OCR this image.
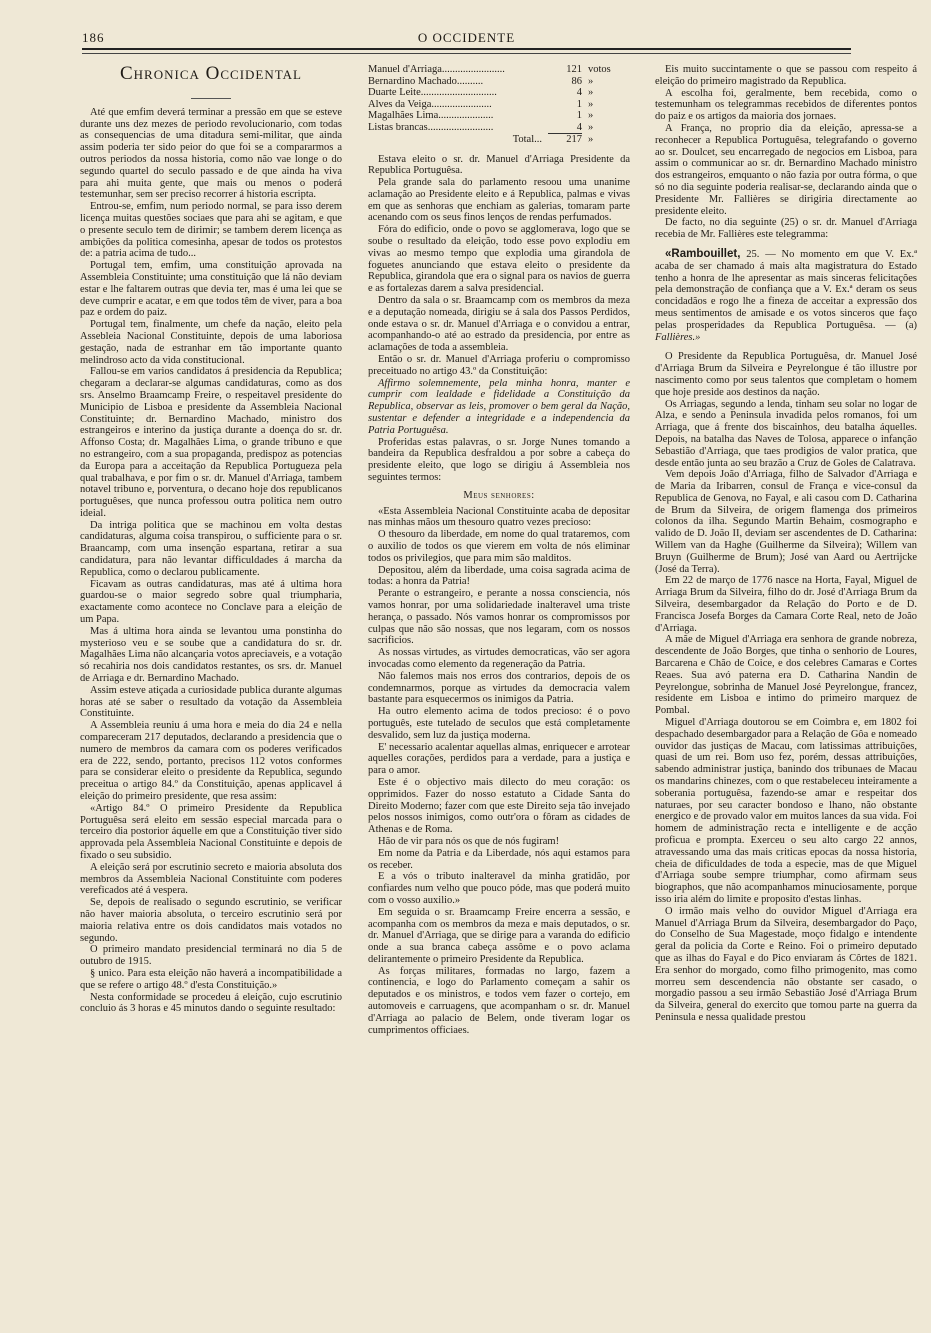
186	O OCCIDENTE
Chronica Occidental

Até que emfim deverá terminar a pressão em que se esteve durante uns dez mezes de periodo revolucionario, com todas as consequencias de uma ditadura semi-militar, que ainda assim poderia ter sido peior do que foi se a compararmos a outros periodos da nossa historia, como não vae longe o do segundo quartel do seculo passado e de que ainda ha viva para ahi muita gente, que mais ou menos o poderá testemunhar, sem ser preciso recorrer á historia escripta.

Entrou-se, emfim, num periodo normal, se para isso derem licença muitas questões sociaes que para ahi se agitam, e que o presente seculo tem de dirimir; se tambem derem licença as ambições da politica comesinha, apesar de todos os protestos de: a patria acima de tudo...

Portugal tem, emfim, uma constituição aprovada na Assembleia Constituinte; uma constituição que lá não deviam estar e lhe faltarem outras que devia ter, mas é uma lei que se deve cumprir e acatar, e em que todos têm de viver, para a boa paz e ordem do paiz.

Portugal tem, finalmente, um chefe da nação, eleito pela Assebleia Nacional Constituinte, depois de uma laboriosa gestação, nada de estranhar em tão importante quanto melindroso acto da vida constitucional.

Fallou-se em varios candidatos á presidencia da Republica; chegaram a declarar-se algumas candidaturas, como as dos srs. Anselmo Braamcamp Freire, o respeitavel presidente do Municipio de Lisboa e presidente da Assembleia Nacional Constituinte; dr. Bernardino Machado, ministro dos estrangeiros e interino da justiça durante a doença do sr. dr. Affonso Costa; dr. Magalhães Lima, o grande tribuno e que no estrangeiro, com a sua propaganda, predispoz as potencias da Europa para a acceitação da Republica Portugueza pela qual trabalhava, e por fim o sr. dr. Manuel d'Arriaga, tambem notavel tribuno e, porventura, o decano hoje dos republicanos portuguêses, que nunca professou outra politica nem outro ideial.

Da intriga politica que se machinou em volta destas candidaturas, alguma coisa transpirou, o sufficiente para o sr. Braancamp, com uma insenção espartana, retirar a sua candidatura, para não levantar difficuldades á marcha da Republica, como o declarou publicamente.

Ficavam as outras candidaturas, mas até á ultima hora guardou-se o maior segredo sobre qual triumpharia, exactamente como acontece no Conclave para a eleição de um Papa.

Mas á ultima hora ainda se levantou uma ponstinha do mysterioso veu e se soube que a candidatura do sr. dr. Magalhães Lima não alcançaria votos apreciaveis, e a votação só recahiria nos dois candidatos restantes, os srs. dr. Manuel de Arriaga e dr. Bernardino Machado.

Assim esteve atiçada a curiosidade publica durante algumas horas até se saber o resultado da votação da Assembleia Constituinte.

A Assembleia reuniu á uma hora e meia do dia 24 e nella compareceram 217 deputados, declarando a presidencia que o numero de membros da camara com os poderes verificados era de 222, sendo, portanto, precisos 112 votos conformes para se considerar eleito o presidente da Republica, segundo preceitua o artigo 84.º da Constituição, apenas applicavel á eleição do primeiro presidente, que resa assim:

«Artigo 84.º O primeiro Presidente da Republica Portuguêsa será eleito em sessão especial marcada para o terceiro dia postorior áquelle em que a Constituição tiver sido approvada pela Assembleia Nacional Constituinte e depois de fixado o seu subsidio.

A eleição será por escrutinio secreto e maioria absoluta dos membros da Assembleia Nacional Constituinte com poderes vereficados até á vespera.

Se, depois de realisado o segundo escrutinio, se verificar não haver maioria absoluta, o terceiro escrutinio será por maioria relativa entre os dois candidatos mais votados no segundo.

O primeiro mandato presidencial terminará no dia 5 de outubro de 1915.

§ unico. Para esta eleição não haverá a incompatibilidade a que se refere o artigo 48.º d'esta Constituição.»

Nesta conformidade se procedeu á eleição, cujo escrutinio concluio ás 3 horas e 45 minutos dando o seguinte resultado:

Manuel d'Arriaga........................	121	votos
Bernardino Machado..........	86	»
Duarte Leite.............................	4	»
Alves da Veiga.......................	1	»
Magalhães Lima.....................	1	»
Listas brancas.........................	4	»
Total...	217	»

Estava eleito o sr. dr. Manuel d'Arriaga Presidente da Republica Portuguêsa.

Pela grande sala do parlamento resoou uma unanime aclamação ao Presidente eleito e á Republica, palmas e vivas em que as senhoras que enchiam as galerias, tomaram parte acenando com os seus finos lenços de rendas perfumados.

Fóra do edificio, onde o povo se agglomerava, logo que se soube o resultado da eleição, todo esse povo explodiu em vivas ao mesmo tempo que explodia uma girandola de foguetes anunciando que estava eleito o presidente da Republica, girandola que era o signal para os navios de guerra e as fortalezas darem a salva presidencial.

Dentro da sala o sr. Braamcamp com os membros da meza e a deputação nomeada, dirigiu se á sala dos Passos Perdidos, onde estava o sr. dr. Manuel d'Arriaga e o convidou a entrar, acompanhando-o até ao estrado da presidencia, por entre as aclamações de toda a assembleia.

Então o sr. dr. Manuel d'Arriaga proferiu o compromisso preceituado no artigo 43.º da Constituição:

Affirmo solemnemente, pela minha honra, manter e cumprir com lealdade e fidelidade a Constituição da Republica, observar as leis, promover o bem geral da Nação, sustentar e defender a integridade e a independencia da Patria Portuguêsa.

Proferidas estas palavras, o sr. Jorge Nunes tomando a bandeira da Republica desfraldou a por sobre a cabeça do presidente eleito, que logo se dirigiu á Assembleia nos seguintes termos:

Meus senhores:

«Esta Assembleia Nacional Constituinte acaba de depositar nas minhas mãos um thesouro quatro vezes precioso:

O thesouro da liberdade, em nome do qual trataremos, com o auxilio de todos os que vierem em volta de nós eliminar todos os privilegios, que para mim são malditos.

Depositou, além da liberdade, uma coisa sagrada acima de todas: a honra da Patria!

Perante o estrangeiro, e perante a nossa consciencia, nós vamos honrar, por uma solidariedade inalteravel uma triste herança, o passado. Nós vamos honrar os compromissos por culpas que não são nossas, que nos legaram, com os nossos sacrificios.

As nossas virtudes, as virtudes democraticas, vão ser agora invocadas como elemento da regeneração da Patria.

Não falemos mais nos erros dos contrarios, depois de os condemnarmos, porque as virtudes da democracia valem bastante para esquecermos os inimigos da Patria.

Ha outro elemento acima de todos precioso: é o povo português, este tutelado de seculos que está completamente desvalido, sem luz da justiça moderna.

E' necessario acalentar aquellas almas, enriquecer e arrotear aquelles corações, perdidos para a verdade, para a justiça e para o amor.

Este é o objectivo mais dilecto do meu coração: os opprimidos. Fazer do nosso estatuto a Cidade Santa do Direito Moderno; fazer com que este Direito seja tão invejado pelos nossos inimigos, como outr'ora o fôram as cidades de Athenas e de Roma.

Hão de vir para nós os que de nós fugiram!

Em nome da Patria e da Liberdade, nós aqui estamos para os receber.

E a vós o tributo inalteravel da minha gratidão, por confiardes num velho que pouco póde, mas que poderá muito com o vosso auxilio.»

Em seguida o sr. Braamcamp Freire encerra a sessão, e acompanha com os membros da meza e mais deputados, o sr. dr. Manuel d'Arriaga, que se dirige para a varanda do edificio onde a sua branca cabeça assôme e o povo aclama delirantemente o primeiro Presidente da Republica.

As forças militares, formadas no largo, fazem a continencia, e logo do Parlamento começam a sahir os deputados e os ministros, e todos vem fazer o cortejo, em automoveis e carruagens, que acompanham o sr. dr. Manuel d'Arriaga ao palacio de Belem, onde tiveram logar os cumprimentos officiaes.

Eis muito succintamente o que se passou com respeito á eleição do primeiro magistrado da Republica.

A escolha foi, geralmente, bem recebida, como o testemunham os telegrammas recebidos de diferentes pontos do paiz e os artigos da maioria dos jornaes.

A França, no proprio dia da eleição, apressa-se a reconhecer a Republica Portuguêsa, telegrafando o governo ao sr. Doulcet, seu encarregado de negocios em Lisboa, para assim o communicar ao sr. dr. Bernardino Machado ministro dos estrangeiros, emquanto o não fazia por outra fórma, o que só no dia seguinte poderia realisar-se, declarando ainda que o Presidente Mr. Fallières se dirigiria directamente ao presidente eleito.

De facto, no dia seguinte (25) o sr. dr. Manuel d'Arriaga recebia de Mr. Fallières este telegramma:

«Rambouillet, 25. — No momento em que V. Ex.ª acaba de ser chamado á mais alta magistratura do Estado tenho a honra de lhe apresentar as mais sinceras felicitações pela demonstração de confiança que a V. Ex.ª deram os seus concidadãos e rogo lhe a fineza de acceitar a expressão dos meus sentimentos de amisade e os votos sinceros que faço pelas prosperidades da Republica Portuguêsa. — (a) Fallières.»

O Presidente da Republica Portuguêsa, dr. Manuel José d'Arriaga Brum da Silveira e Peyrelongue é tão illustre por nascimento como por seus talentos que completam o homem que hoje preside aos destinos da nação.

Os Arriagas, segundo a lenda, tinham seu solar no logar de Alza, e sendo a Peninsula invadida pelos romanos, foi um Arriaga, que á frente dos biscainhos, deu batalha áquelles. Depois, na batalha das Naves de Tolosa, apparece o infanção Sebastião d'Arriaga, que taes prodigios de valor pratica, que desde então junta ao seu brazão a Cruz de Goles de Calatrava.

Vem depois João d'Arriaga, filho de Salvador d'Arriaga e de Maria da Iribarren, consul de França e vice-consul da Republica de Genova, no Fayal, e ali casou com D. Catharina de Brum da Silveira, de origem flamenga dos primeiros colonos da ilha. Segundo Martin Behaim, cosmographo e valido de D. João II, deviam ser ascendentes de D. Catharina: Willem van da Haghe (Guilherme da Silveira); Willem van Bruyn (Guilherme de Brum); José van Aard ou Aertrijcke (José da Terra).

Em 22 de março de 1776 nasce na Horta, Fayal, Miguel de Arriaga Brum da Silveira, filho do dr. José d'Arriaga Brum da Silveira, desembargador da Relação do Porto e de D. Francisca Josefa Borges da Camara Corte Real, neto de João d'Arriaga.

A mãe de Miguel d'Arriaga era senhora de grande nobreza, descendente de João Borges, que tinha o senhorio de Loures, Barcarena e Chão de Coice, e dos celebres Camaras e Cortes Reaes. Sua avó paterna era D. Catharina Nandin de Peyrelongue, sobrinha de Manuel José Peyrelongue, francez, residente em Lisboa e intimo do primeiro marquez de Pombal.

Miguel d'Arriaga doutorou se em Coimbra e, em 1802 foi despachado desembargador para a Relação de Gôa e nomeado ouvidor das justiças de Macau, com latissimas attribuições, quasi de um rei. Bom uso fez, porém, dessas attribuições, sabendo administrar justiça, banindo dos tribunaes de Macau os mandarins chinezes, com o que restabeleceu inteiramente a soberania portuguêsa, fazendo-se amar e respeitar dos naturaes, por seu caracter bondoso e lhano, não obstante energico e de provado valor em muitos lances da sua vida. Foi homem de administração recta e intelligente e de acção proficua e prompta. Exerceu o seu alto cargo 22 annos, atravessando uma das mais criticas epocas da nossa historia, cheia de dificuldades de toda a especie, mas de que Miguel d'Arriaga soube sempre triumphar, como afirmam seus biographos, que não acompanhamos minuciosamente, porque isso iria além do limite e proposito d'estas linhas.

O irmão mais velho do ouvidor Miguel d'Arriaga era Manuel d'Arriaga Brum da Silveira, desembargador do Paço, do Conselho de Sua Magestade, moço fidalgo e intendente geral da policia da Corte e Reino. Foi o primeiro deputado que as ilhas do Fayal e do Pico enviaram ás Côrtes de 1821. Era senhor do morgado, como filho primogenito, mas como morreu sem descendencia não obstante ser casado, o morgadio passou a seu irmão Sebastião José d'Arriaga Brum da Silveira, general do exercito que tomou parte na guerra da Peninsula e nessa qualidade prestou
